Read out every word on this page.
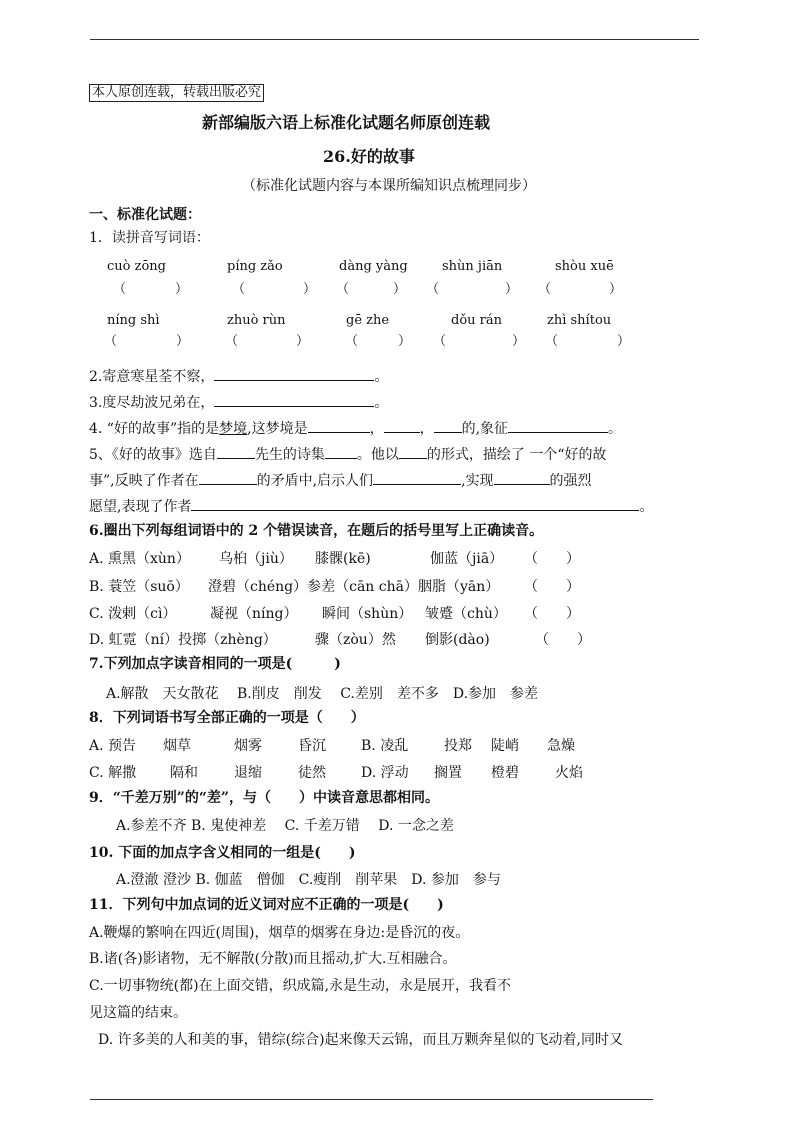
本人原创连载，转载出版必究
新部编版六语上标准化试题名师原创连载
26.好的故事
（标准化试题内容与本课所编知识点梳理同步）
一、标准化试题：
1．读拼音写词语：
cuò zōng	píng zǎo	dàng yàng	shùn jiān	shòu xuē
（	）	（	） （	） （	） （	）
níng shì	zhuò rùn	gē zhe	dǒu rán	zhì shítou
（	）	（	）	（	） （	） （	）
2.寄意寒星荃不察，	。
3.度尽劫波兄弟在，	。
4. “好的故事”指的是梦境,这梦境是	，	， 的,象征	。
5、《好的故事》选自	先生的诗集 。他以 的形式，描绘了 一个“好的故
事”,反映了作者在	的矛盾中,启示人们	,实现	的强烈
愿望,表现了作者	。
6.圈出下列每组词语中的 2 个错误读音，在题后的括号里写上正确读音。
A. 熏黑（xùn） 乌桕（jiù） 膝髁(kē)	伽蓝（jiā） （　　）
B. 蓑笠（suō） 澄碧（chéng）参差（cān chā）胭脂（yān） （　　）
C. 泼剌（cì） 凝视（níng） 瞬间（shùn） 皱蹙（chù） （　　）
D. 虹霓（ní）投掷（zhèng）	骤（zòu）然 倒影(dào)	（　　）
7.下列加点字读音相同的一项是(　　　)
A.解散　天女散花　 B.削皮　削发　 C.差别　差不多　D.参加　参差
8．下列词语书写全部正确的一项是（　　）
A. 预告 烟草	烟雾	昏沉	B. 凌乱	投郑 陡峭 急燥
C. 解撒 隔和	退缩	徒然	D. 浮动 搁置 橙碧	火焰
9．“千差万别”的“差”，与（　　）中读音意思都相同。
A.参差不齐 B. 鬼使神差　 C. 千差万错　 D. 一念之差
10. 下面的加点字含义相同的一组是(　　)
A.澄澈 澄沙 B. 伽蓝　僧伽　C.瘦削　削苹果　D. 参加　参与
11．下列句中加点词的近义词对应不正确的一项是(　　)
A.鞭爆的繁响在四近(周围)，烟草的烟雾在身边:是昏沉的夜。
B.诸(各)影诸物，无不解散(分散)而且摇动,扩大.互相融合。
C.一切事物统(都)在上面交错，织成篇,永是生动，永是展开，我看不
见这篇的结束。
D. 许多美的人和美的事，错综(综合)起来像天云锦，而且万颗奔星似的飞动着,同时又
